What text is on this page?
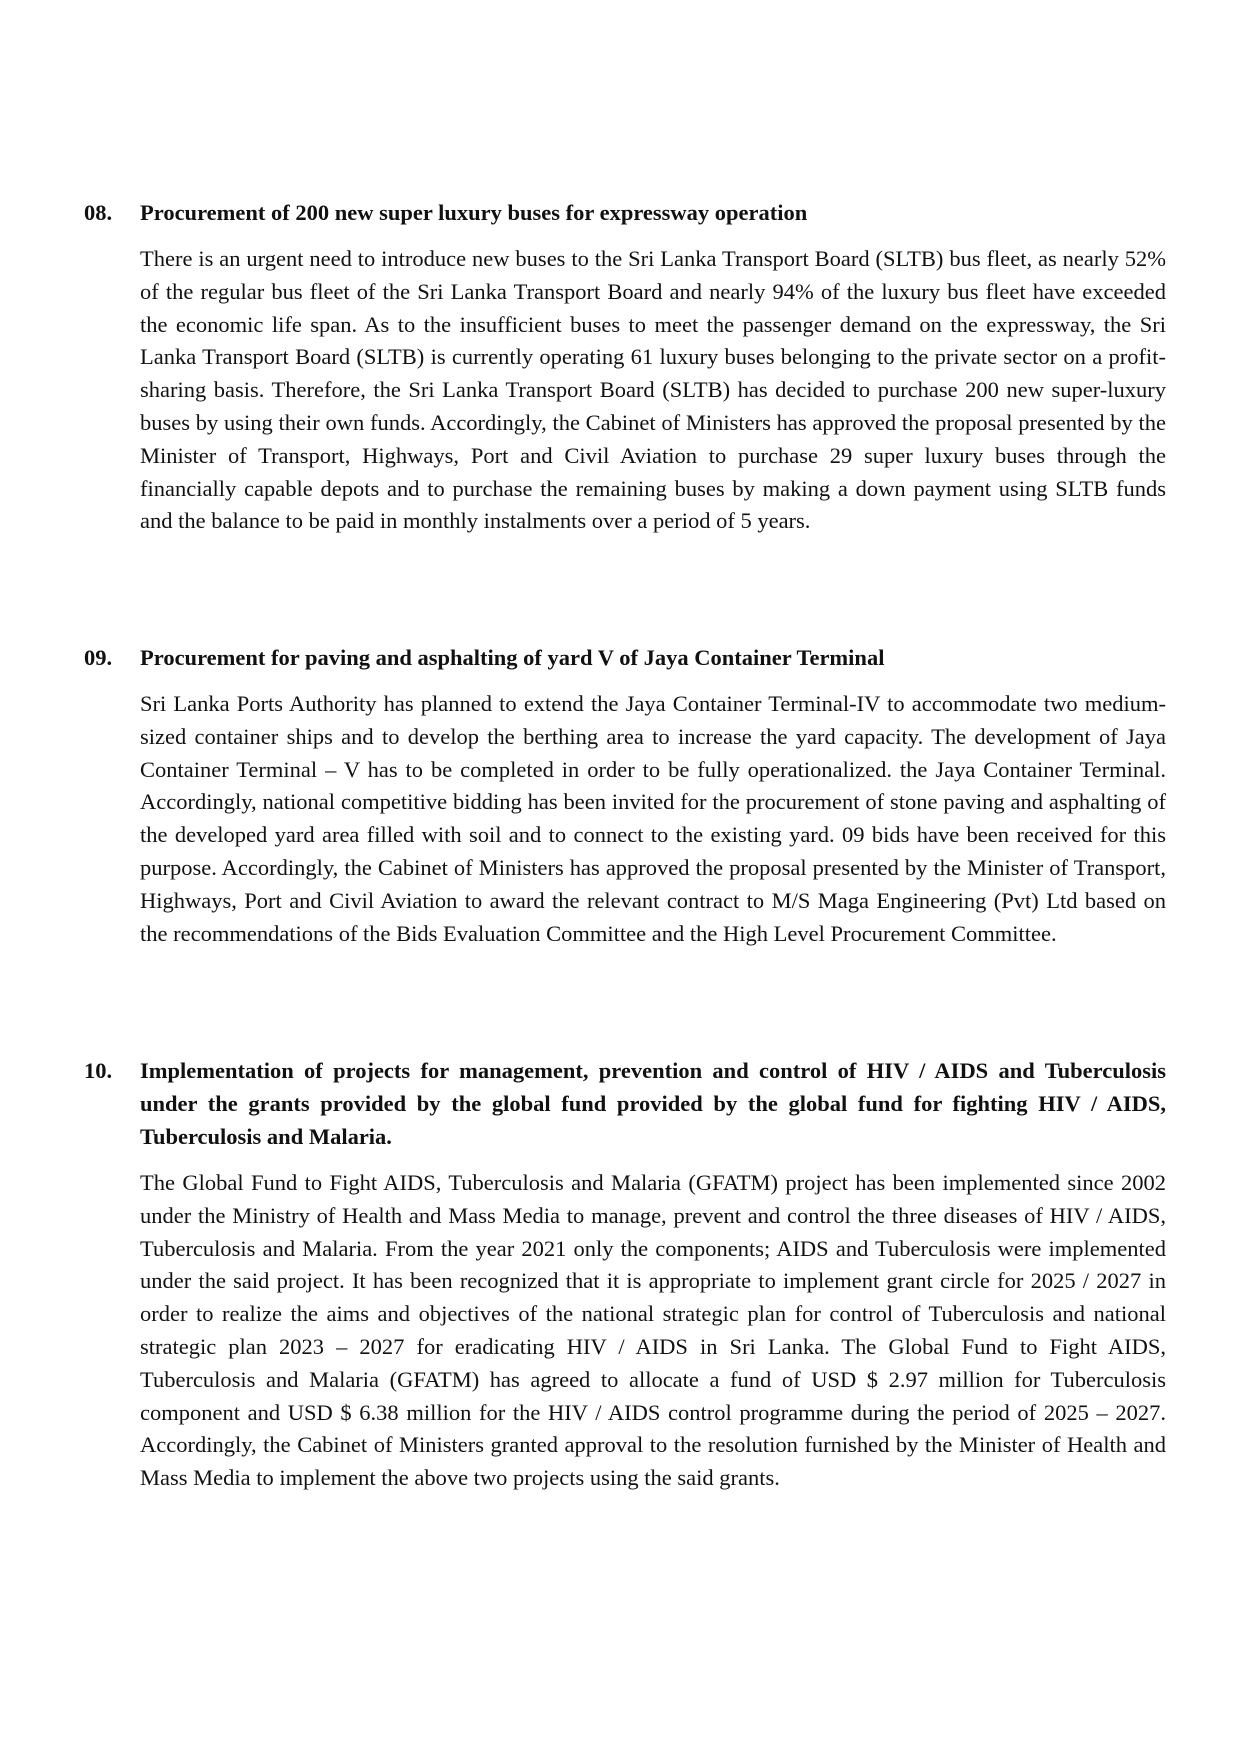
08.	Procurement of 200 new super luxury buses for expressway operation

There is an urgent need to introduce new buses to the Sri Lanka Transport Board (SLTB) bus fleet, as nearly 52% of the regular bus fleet of the Sri Lanka Transport Board and nearly 94% of the luxury bus fleet have exceeded the economic life span. As to the insufficient buses to meet the passenger demand on the expressway, the Sri Lanka Transport Board (SLTB) is currently operating 61 luxury buses belonging to the private sector on a profit-sharing basis. Therefore, the Sri Lanka Transport Board (SLTB) has decided to purchase 200 new super-luxury buses by using their own funds. Accordingly, the Cabinet of Ministers has approved the proposal presented by the Minister of Transport, Highways, Port and Civil Aviation to purchase 29 super luxury buses through the financially capable depots and to purchase the remaining buses by making a down payment using SLTB funds and the balance to be paid in monthly instalments over a period of 5 years.

09.	Procurement for paving and asphalting of yard V of Jaya Container Terminal

Sri Lanka Ports Authority has planned to extend the Jaya Container Terminal-IV to accommodate two medium-sized container ships and to develop the berthing area to increase the yard capacity. The development of Jaya Container Terminal – V has to be completed in order to be fully operationalized. the Jaya Container Terminal. Accordingly, national competitive bidding has been invited for the procurement of stone paving and asphalting of the developed yard area filled with soil and to connect to the existing yard. 09 bids have been received for this purpose. Accordingly, the Cabinet of Ministers has approved the proposal presented by the Minister of Transport, Highways, Port and Civil Aviation to award the relevant contract to M/S Maga Engineering (Pvt) Ltd based on the recommendations of the Bids Evaluation Committee and the High Level Procurement Committee.

10.	Implementation of projects for management, prevention and control of HIV / AIDS and Tuberculosis under the grants provided by the global fund provided by the global fund for fighting HIV / AIDS, Tuberculosis and Malaria.

The Global Fund to Fight AIDS, Tuberculosis and Malaria (GFATM) project has been implemented since 2002 under the Ministry of Health and Mass Media to manage, prevent and control the three diseases of HIV / AIDS, Tuberculosis and Malaria. From the year 2021 only the components; AIDS and Tuberculosis were implemented under the said project. It has been recognized that it is appropriate to implement grant circle for 2025 / 2027 in order to realize the aims and objectives of the national strategic plan for control of Tuberculosis and national strategic plan 2023 – 2027 for eradicating HIV / AIDS in Sri Lanka. The Global Fund to Fight AIDS, Tuberculosis and Malaria (GFATM) has agreed to allocate a fund of USD $ 2.97 million for Tuberculosis component and USD $ 6.38 million for the HIV / AIDS control programme during the period of 2025 – 2027. Accordingly, the Cabinet of Ministers granted approval to the resolution furnished by the Minister of Health and Mass Media to implement the above two projects using the said grants.
